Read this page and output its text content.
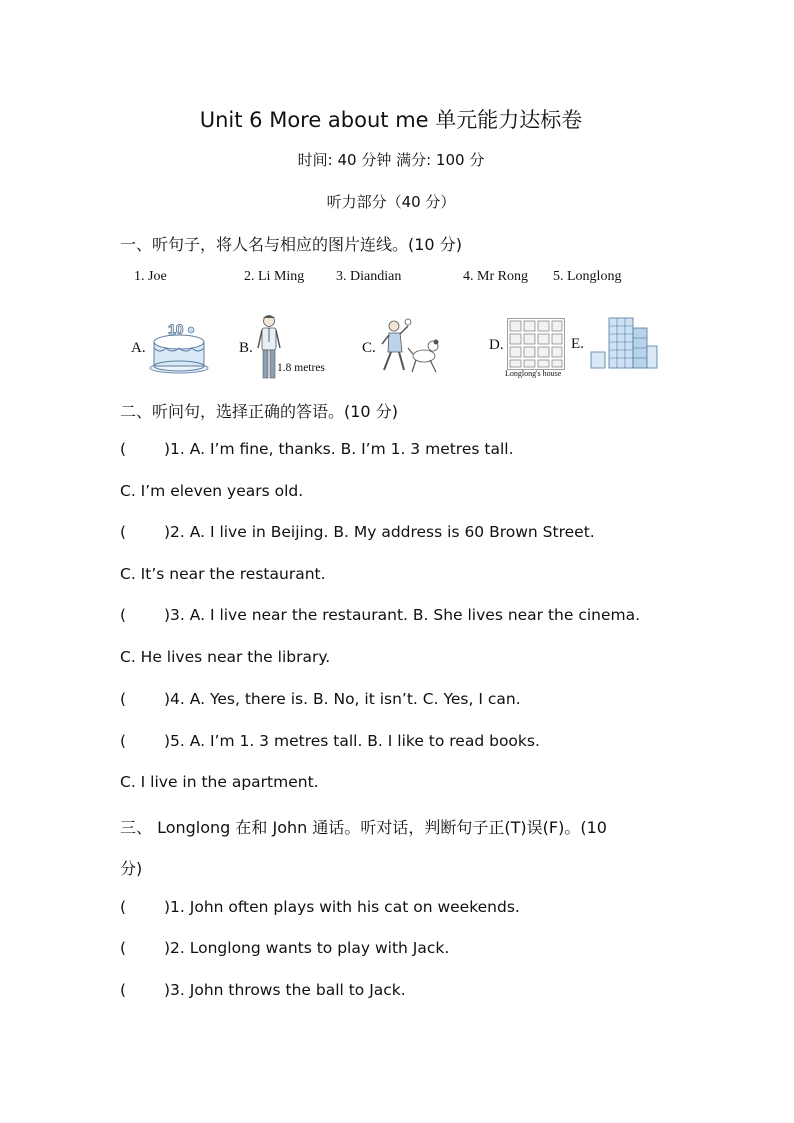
Unit 6 More about me 单元能力达标卷
时间: 40 分钟 满分: 100 分
听力部分（40 分）
一、听句子，将人名与相应的图片连线。(10 分)
1. Joe	2. Li Ming 3. Diandian	4. Mr Rong 5. Longlong
A.
10
B.
1.8 metres
C.	D.
Longlong's house
E.
二、听问句，选择正确的答语。(10 分)
( )1. A. I’m fine, thanks. B. I’m 1. 3 metres tall.
C. I’m eleven years old.
( )2. A. I live in Beijing. B. My address is 60 Brown Street.
C. It’s near the restaurant.
( )3. A. I live near the restaurant. B. She lives near the cinema.
C. He lives near the library.
( )4. A. Yes, there is. B. No, it isn’t. C. Yes, I can.
( )5. A. I’m 1. 3 metres tall. B. I like to read books.
C. I live in the apartment.
三、 Longlong 在和 John 通话。听对话，判断句子正(T)误(F)。(10
分)
( )1. John often plays with his cat on weekends.
( )2. Longlong wants to play with Jack.
( )3. John throws the ball to Jack.
